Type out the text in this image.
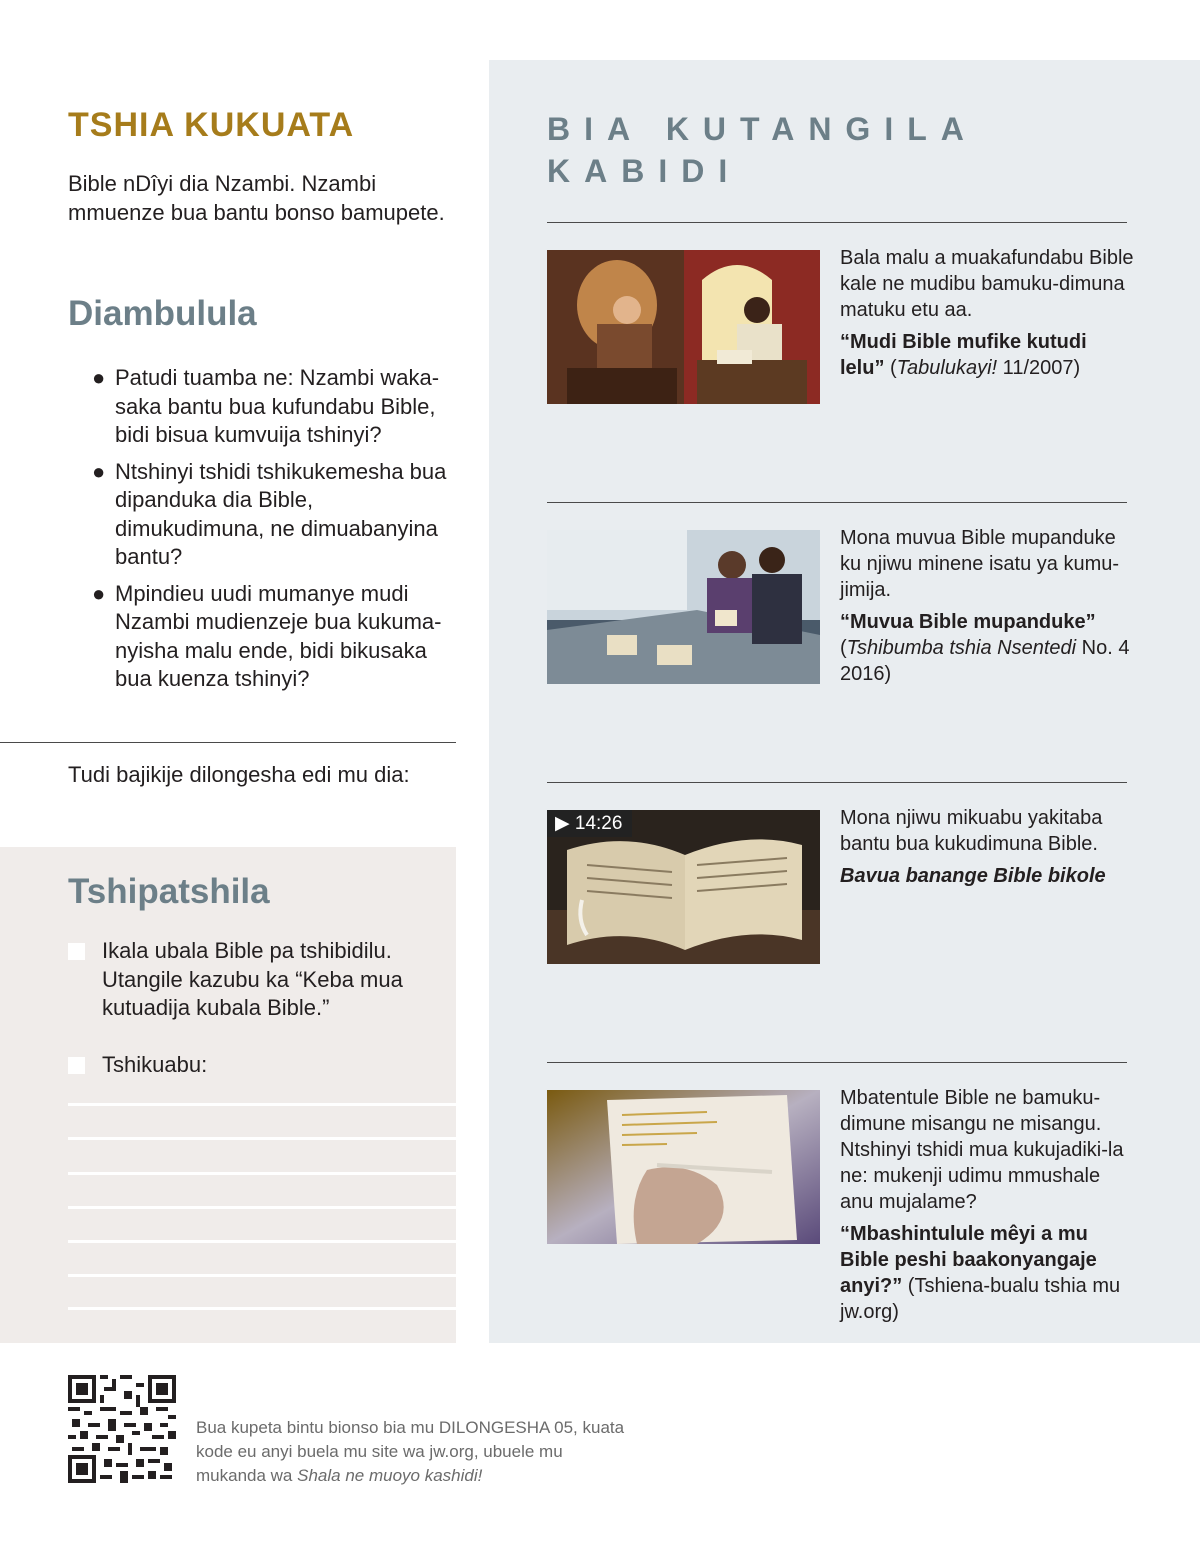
TSHIA KUKUATA
Bible nDîyi dia Nzambi. Nzambi mmuenze bua bantu bonso bamupete.
Diambulula
● Patudi tuamba ne: Nzambi waka-saka bantu bua kufundabu Bible, bidi bisua kumvuija tshinyi?
● Ntshinyi tshidi tshikukemesha bua dipanduka dia Bible, dimukudimuna, ne dimuabanyina bantu?
● Mpindieu uudi mumanye mudi Nzambi mudienzeje bua kukuma-nyisha malu ende, bidi bikusaka bua kuenza tshinyi?
Tudi bajikije dilongesha edi mu dia:
Tshipatshila
Ikala ubala Bible pa tshibidilu. Utangile kazubu ka “Keba mua kutuadija kubala Bible.”
Tshikuabu:
BIA KUTANGILA KABIDI
Bala malu a muakafundabu Bible kale ne mudibu bamuku-dimuna matuku etu aa.
“Mudi Bible mufike kutudi lelu” (Tabulukayi! 11/2007)
Mona muvua Bible mupanduke ku njiwu minene isatu ya kumu-jimija.
“Muvua Bible mupanduke” (Tshibumba tshia Nsentedi No. 4 2016)
▶ 14:26	Mona njiwu mikuabu yakitaba bantu bua kukudimuna Bible.
Bavua banange Bible bikole
Mbatentule Bible ne bamuku-dimune misangu ne misangu. Ntshinyi tshidi mua kukujadiki-la ne: mukenji udimu mmushale anu mujalame?
“Mbashintulule mêyi a mu Bible peshi baakonyangaje anyi?” (Tshiena-bualu tshia mu jw.org)
Bua kupeta bintu bionso bia mu DILONGESHA 05, kuata kode eu anyi buela mu site wa jw.org, ubuele mu mukanda wa Shala ne muoyo kashidi!
